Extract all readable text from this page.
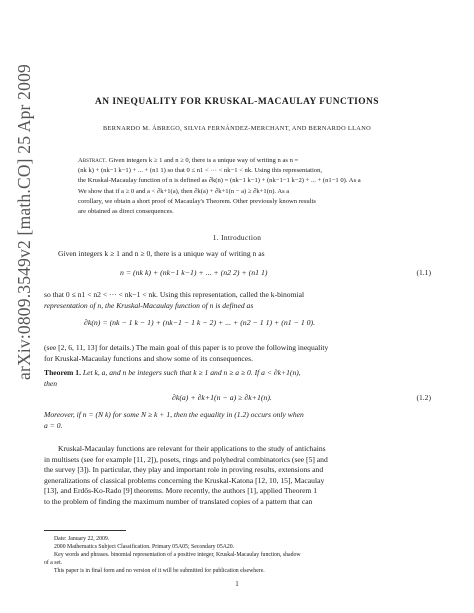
arXiv:0809.3549v2 [math.CO] 25 Apr 2009	AN INEQUALITY FOR KRUSKAL-MACAULAY FUNCTIONS
BERNARDO M. ÁBREGO, SILVIA FERNÁNDEZ-MERCHANT, AND BERNARDO LLANO
Abstract. Given integers k ≥ 1 and n ≥ 0, there is a unique way of writing n as n =
(nk k) + (nk−1 k−1) + ... + (n1 1) so that 0 ≤ n1 < ··· < nk−1 < nk. Using this representation,
the Kruskal-Macaulay function of n is defined as ∂k(n) = (nk−1 k−1) + (nk−1−1 k−2) + ... + (n1−1 0). As a
We show that if a ≥ 0 and a < ∂k+1(a), then ∂k(a) + ∂k+1(n − a) ≥ ∂k+1(n). As a
corollary, we obtain a short proof of Macaulay's Theorem. Other previously known results
are obtained as direct consequences.
1. Introduction
Given integers k ≥ 1 and n ≥ 0, there is a unique way of writing n as
n = (nk k) + (nk−1 k−1) + ... + (n2 2) + (n1 1)	(1.1)
so that 0 ≤ n1 < n2 < ··· < nk−1 < nk. Using this representation, called the k-binomial
representation of n, the Kruskal-Macaulay function of n is defined as
∂k(n) = (nk − 1 k − 1) + (nk−1 − 1 k − 2) + ... + (n2 − 1 1) + (n1 − 1 0).
(see [2, 6, 11, 13] for details.) The main goal of this paper is to prove the following inequality
for Kruskal-Macaulay functions and show some of its consequences.
Theorem 1. Let k, a, and n be integers such that k ≥ 1 and n ≥ a ≥ 0. If a < ∂k+1(n),
then
∂k(a) + ∂k+1(n − a) ≥ ∂k+1(n).	(1.2)
Moreover, if n = (N k) for some N ≥ k + 1, then the equality in (1.2) occurs only when
a = 0.
Kruskal-Macaulay functions are relevant for their applications to the study of antichains
in multisets (see for example [11, 2]), posets, rings and polyhedral combinatorics (see [5] and
the survey [3]). In particular, they play and important role in proving results, extensions and
generalizations of classical problems concerning the Kruskal-Katona [12, 10, 15], Macaulay
[13], and Erdős-Ko-Rado [9] theorems. More recently, the authors [1], applied Theorem 1
to the problem of finding the maximum number of translated copies of a pattern that can
Date: January 22, 2009.
2000 Mathematics Subject Classification. Primary 05A05; Secondary 05A20.
Key words and phrases. binomial representation of a positive integer, Kruskal-Macaulay function, shadow
of a set.
This paper is in final form and no version of it will be submitted for publication elsewhere.
1
